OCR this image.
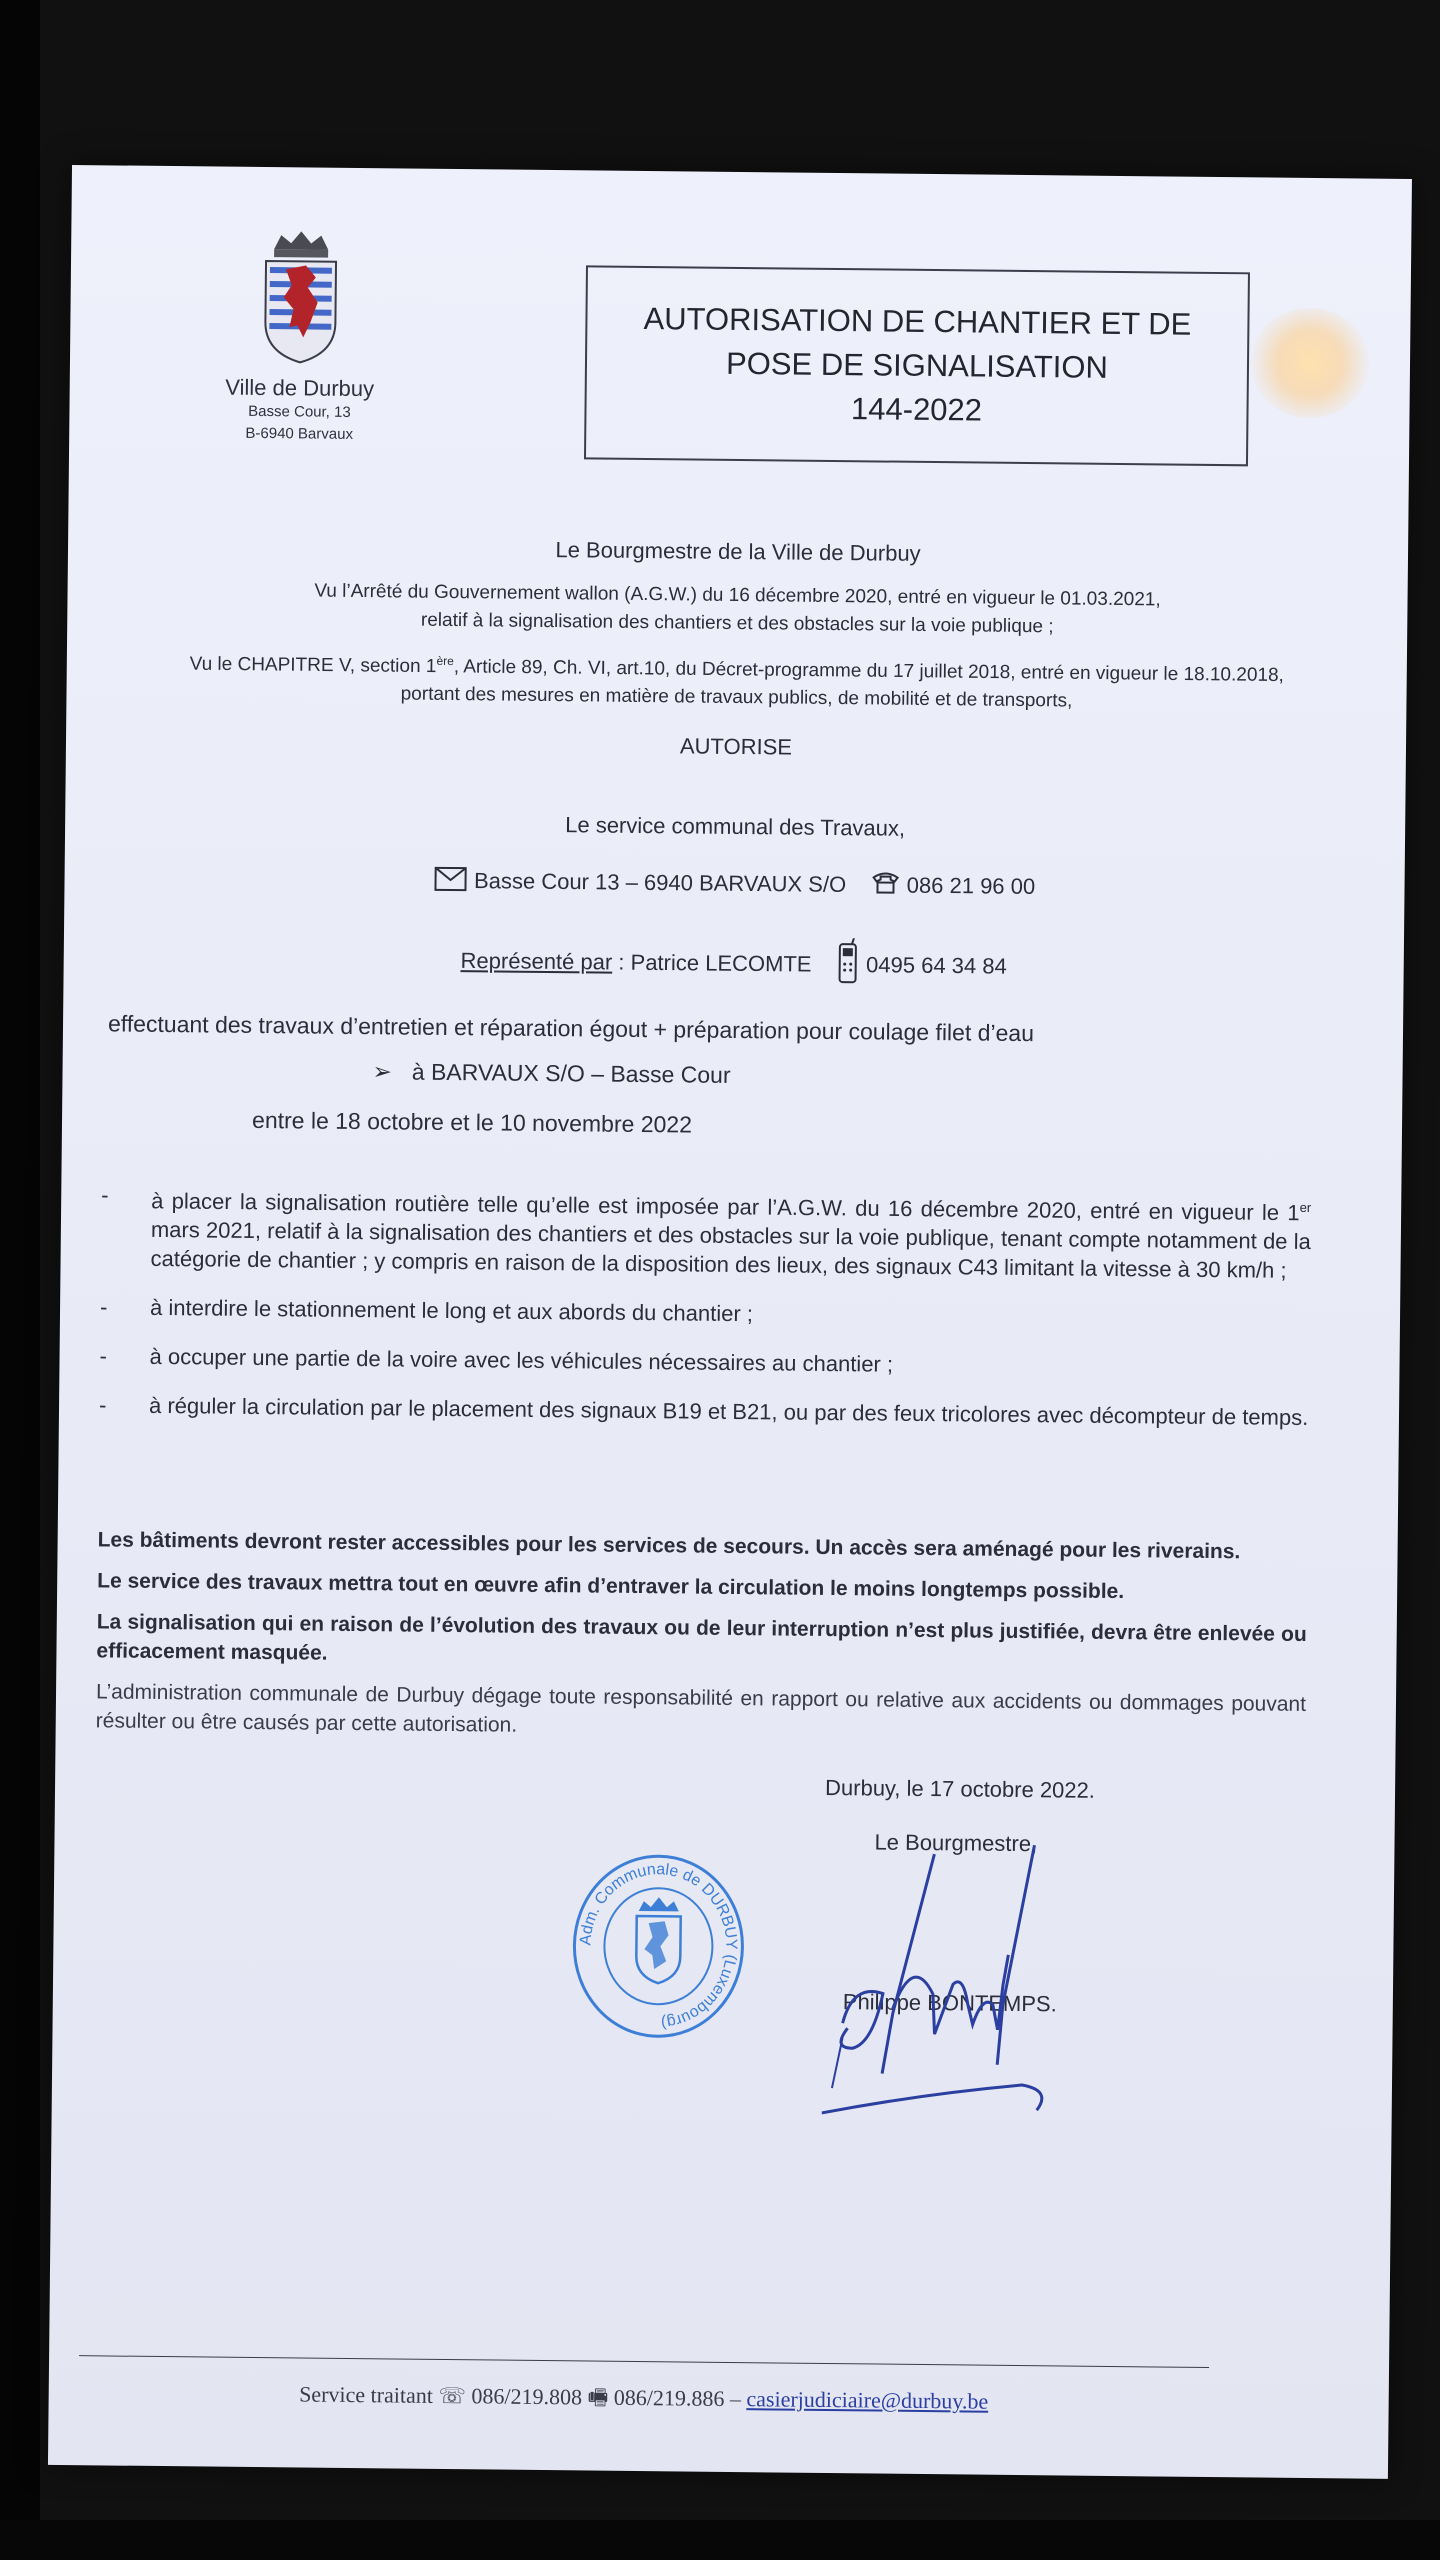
Ville de Durbuy
Basse Cour, 13
B-6940 Barvaux
AUTORISATION DE CHANTIER ET DE
POSE DE SIGNALISATION
144-2022
Le Bourgmestre de la Ville de Durbuy
Vu l’Arrêté du Gouvernement wallon (A.G.W.) du 16 décembre 2020, entré en vigueur le 01.03.2021,
relatif à la signalisation des chantiers et des obstacles sur la voie publique ;
Vu le CHAPITRE V, section 1ère, Article 89, Ch. VI, art.10, du Décret-programme du 17 juillet 2018, entré en vigueur le 18.10.2018,
portant des mesures en matière de travaux publics, de mobilité et de transports,
AUTORISE
Le service communal des Travaux,
Basse Cour 13 – 6940 BARVAUX S/O	086 21 96 00
Représenté par : Patrice LECOMTE 0495 64 34 84
effectuant des travaux d’entretien et réparation égout + préparation pour coulage filet d’eau
➢ à BARVAUX S/O – Basse Cour
entre le 18 octobre et le 10 novembre 2022
-	à placer la signalisation routière telle qu’elle est imposée par l’A.G.W. du 16 décembre 2020, entré en vigueur le 1er mars 2021, relatif à la signalisation des chantiers et des obstacles sur la voie publique, tenant compte notamment de la catégorie de chantier ; y compris en raison de la disposition des lieux, des signaux C43 limitant la vitesse à 30 km/h ;
-	à interdire le stationnement le long et aux abords du chantier ;
-	à occuper une partie de la voire avec les véhicules nécessaires au chantier ;
-	à réguler la circulation par le placement des signaux B19 et B21, ou par des feux tricolores avec décompteur de temps.

Les bâtiments devront rester accessibles pour les services de secours. Un accès sera aménagé pour les riverains.

Le service des travaux mettra tout en œuvre afin d’entraver la circulation le moins longtemps possible.

La signalisation qui en raison de l’évolution des travaux ou de leur interruption n’est plus justifiée, devra être enlevée ou efficacement masquée.

L’administration communale de Durbuy dégage toute responsabilité en rapport ou relative aux accidents ou dommages pouvant résulter ou être causés par cette autorisation.

Adm. Communale de DURBUY (Luxembourg)
Durbuy, le 17 octobre 2022.
Le Bourgmestre,
Philippe BONTEMPS.
Service traitant ☏ 086/219.808 🖷 086/219.886 – casierjudiciaire@durbuy.be
